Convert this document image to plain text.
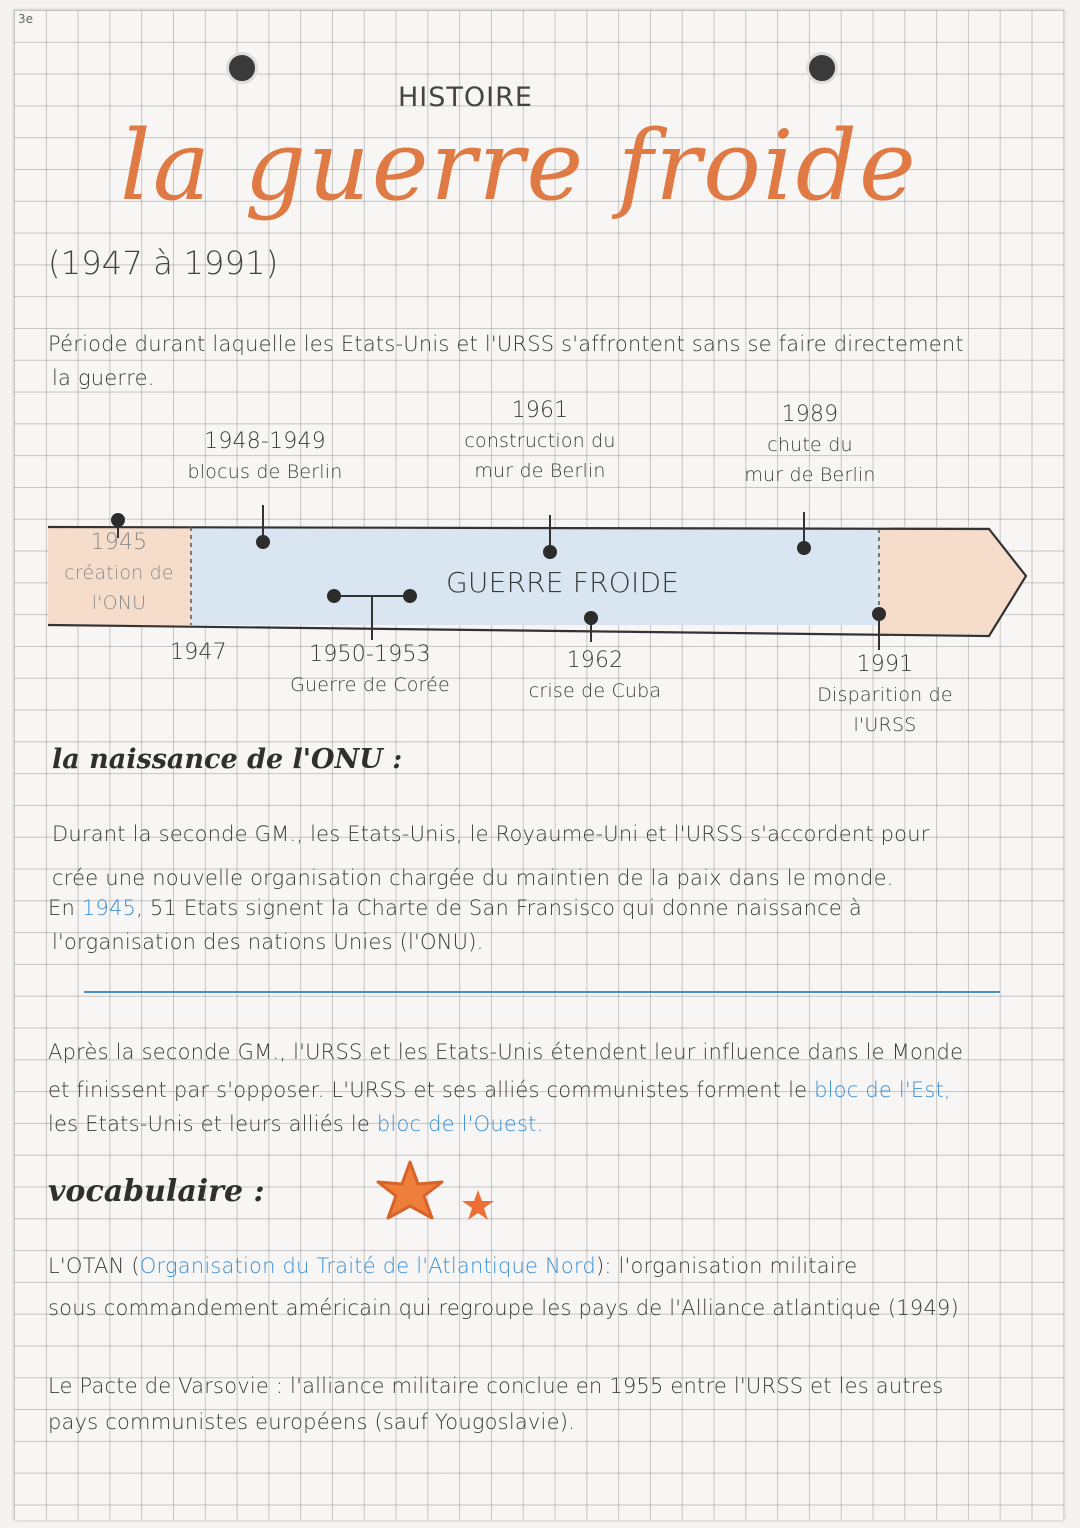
3e
HISTOIRE
la guerre froide
(1947 à 1991)
Période durant laquelle les Etats-Unis et l'URSS s'affrontent sans se faire directement
la guerre.
GUERRE FROIDE
1945
création de
l'ONU
1947
1948-1949
blocus de Berlin
1950-1953
Guerre de Corée
1961
construction du
mur de Berlin
1962
crise de Cuba
1989
chute du
mur de Berlin
1991
Disparition de
l'URSS
la naissance de l'ONU :
Durant la seconde GM., les Etats-Unis, le Royaume-Uni et l'URSS s'accordent pour
crée une nouvelle organisation chargée du maintien de la paix dans le monde.
En 1945, 51 Etats signent la Charte de San Fransisco qui donne naissance à
l'organisation des nations Unies (l'ONU).
Après la seconde GM., l'URSS et les Etats-Unis étendent leur influence dans le Monde
et finissent par s'opposer. L'URSS et ses alliés communistes forment le bloc de l'Est,
les Etats-Unis et leurs alliés le bloc de l'Ouest.
vocabulaire :
L'OTAN (Organisation du Traité de l'Atlantique Nord): l'organisation militaire
sous commandement américain qui regroupe les pays de l'Alliance atlantique (1949)
Le Pacte de Varsovie : l'alliance militaire conclue en 1955 entre l'URSS et les autres
pays communistes européens (sauf Yougoslavie).
